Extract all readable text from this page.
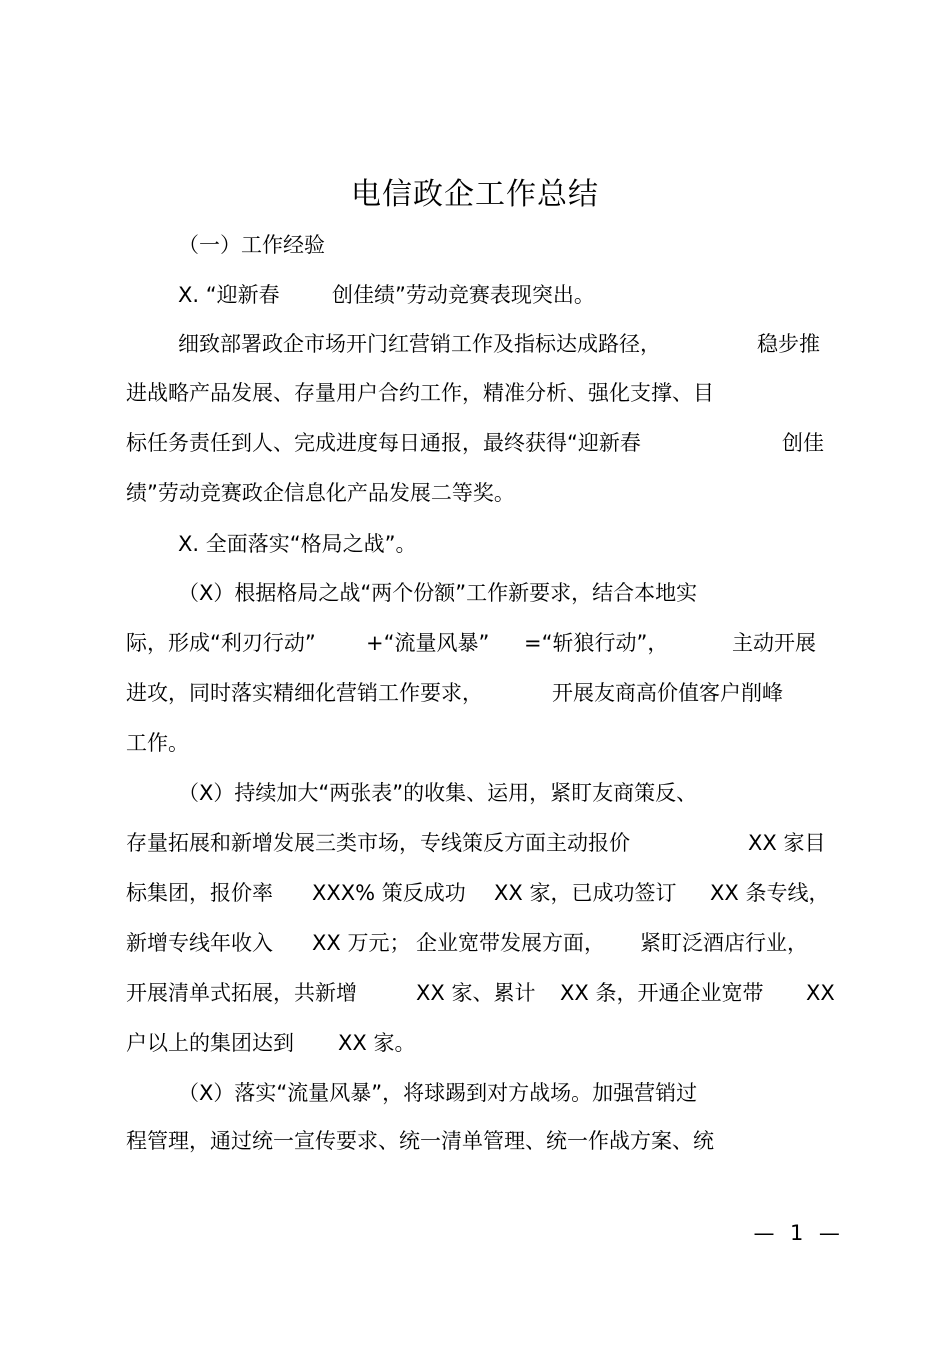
电信政企工作总结
（一）工作经验
X. “迎新春 创佳绩”劳动竞赛表现突出。
细致部署政企市场开门红营销工作及指标达成路径，	稳步推
进战略产品发展、存量用户合约工作，精准分析、强化支撑、目
标任务责任到人、完成进度每日通报，最终获得“迎新春	创佳
绩”劳动竞赛政企信息化产品发展二等奖。
X. 全面落实“格局之战”。
（X）根据格局之战“两个份额”工作新要求，结合本地实
际，形成“利刃行动” +“流量风暴” =“斩狼行动”，	主动开展
进攻，同时落实精细化营销工作要求，	开展友商高价值客户削峰
工作。
（X）持续加大“两张表”的收集、运用，紧盯友商策反、
存量拓展和新增发展三类市场，专线策反方面主动报价	XX 家目
标集团，报价率 XXX% 策反成功 XX 家，已成功签订 XX 条专线，
新增专线年收入 XX 万元； 企业宽带发展方面， 紧盯泛酒店行业，
开展清单式拓展，共新增	XX 家、累计 XX 条，开通企业宽带 XX
户以上的集团达到 XX 家。
（X）落实“流量风暴”，将球踢到对方战场。加强营销过
程管理，通过统一宣传要求、统一清单管理、统一作战方案、统
— 1 —
